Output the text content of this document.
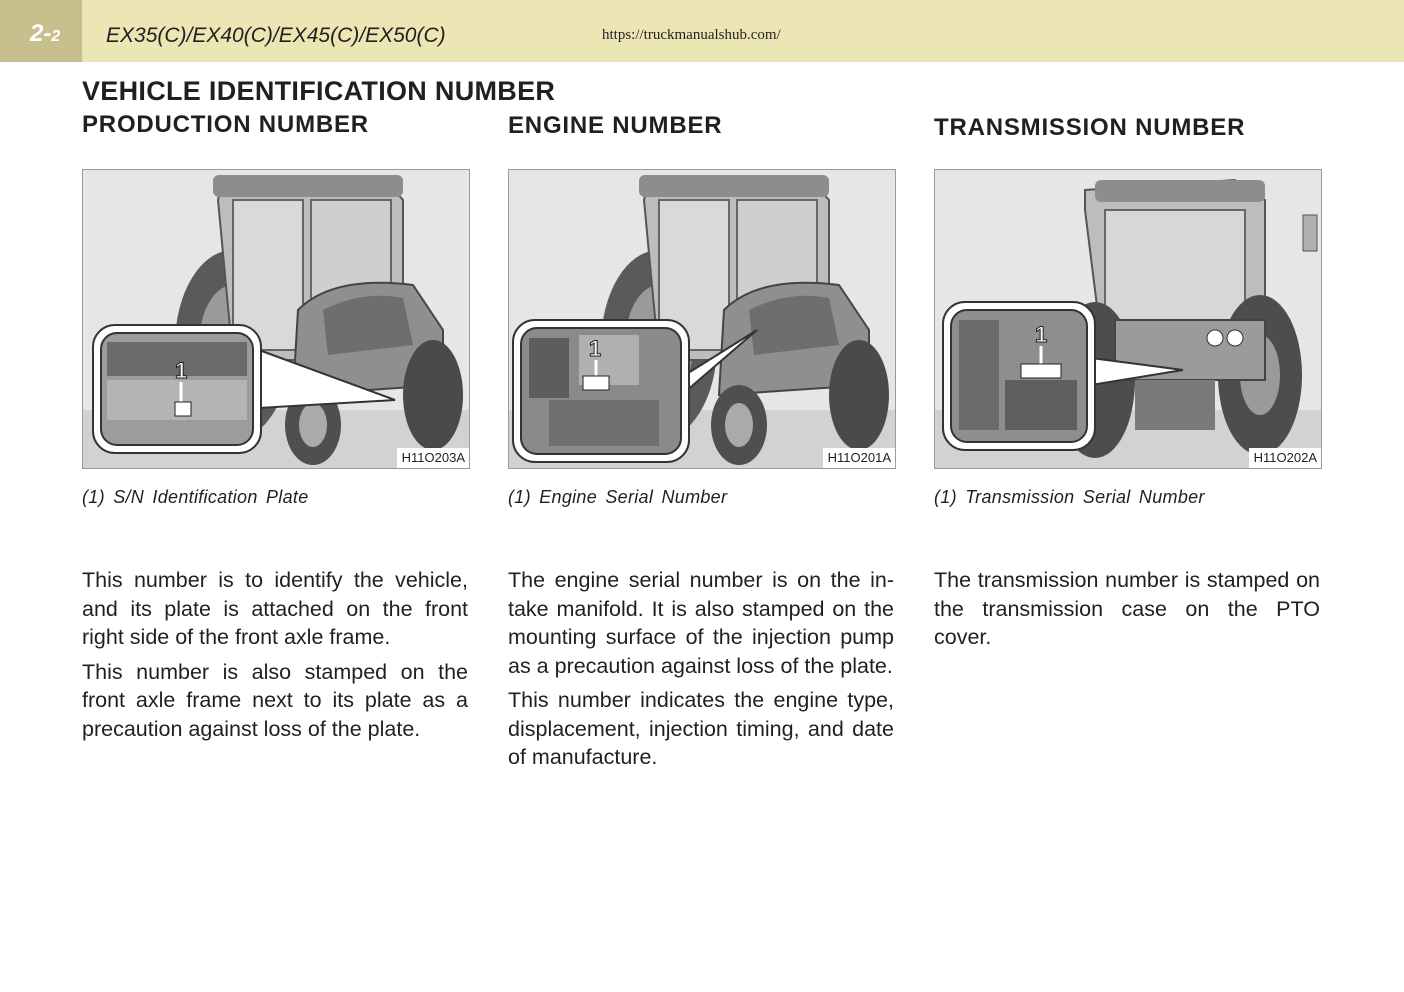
2-2 EX35(C)/EX40(C)/EX45(C)/EX50(C)	https://truckmanualshub.com/
VEHICLE IDENTIFICATION NUMBER
PRODUCTION NUMBER
1
H11O203A
(1) S/N Identification Plate

This number is to identify the vehicle, and its plate is attached on the front right side of the front axle frame.

This number is also stamped on the front axle frame next to its plate as a precaution against loss of the plate.

ENGINE NUMBER
1
H11O201A
(1) Engine Serial Number

The engine serial number is on the intake manifold. It is also stamped on the mounting surface of the injection pump as a precaution against loss of the plate.

This number indicates the engine type, displacement, injection timing, and date of manufacture.

TRANSMISSION NUMBER
1
H11O202A
(1) Transmission Serial Number

The transmission number is stamped on the transmission case on the PTO cover.
